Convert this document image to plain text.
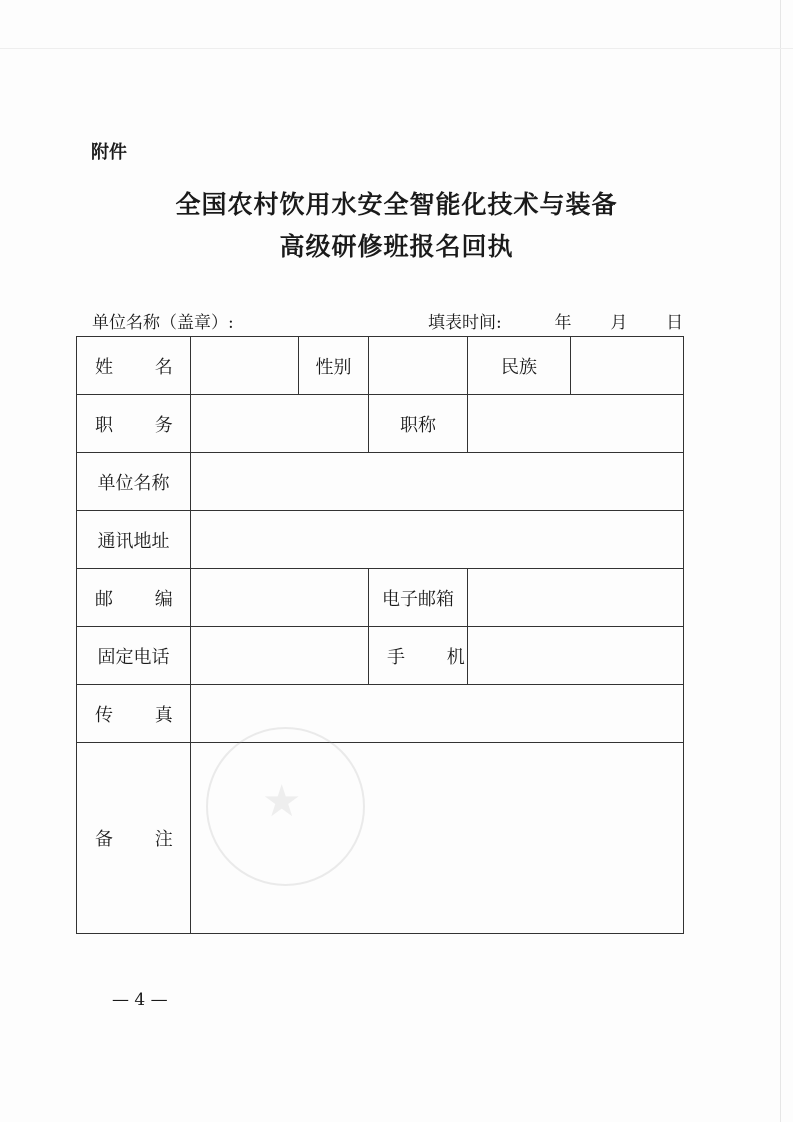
附件
全国农村饮用水安全智能化技术与装备
高级研修班报名回执
单位名称（盖章）:	填表时间:	年 月 日
姓 名		性别		民族	
职 务			职称		
单位名称					
通讯地址					
邮 编			电子邮箱		
固定电话			手 机		
传 真					
备 注					
★
— 4 —
